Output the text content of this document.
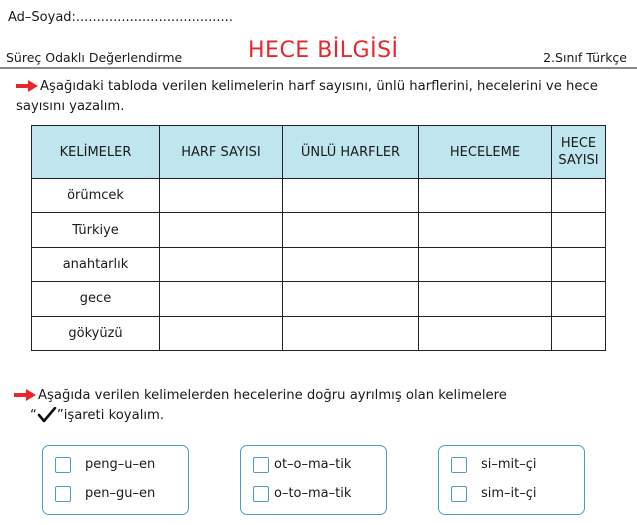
Ad–Soyad:......................................
Süreç Odaklı Değerlendirme	HECE BİLGİSİ	2.Sınıf Türkçe
Aşağıdaki tabloda verilen kelimelerin harf sayısını, ünlü harflerini, hecelerini ve hece sayısını yazalım.
KELİMELER	HARF SAYISI	ÜNLÜ HARFLER	HECELEME	HECE
SAYISI
örümcek				
Türkiye				
anahtarlık				
gece				
gökyüzü				
Aşağıda verilen kelimelerden hecelerine doğru ayrılmış olan kelimelere
“ ”işareti koyalım.
peng–u–en
pen–gu–en
ot–o–ma–tik
o–to–ma–tik
si–mit–çi
sim–it–çi
